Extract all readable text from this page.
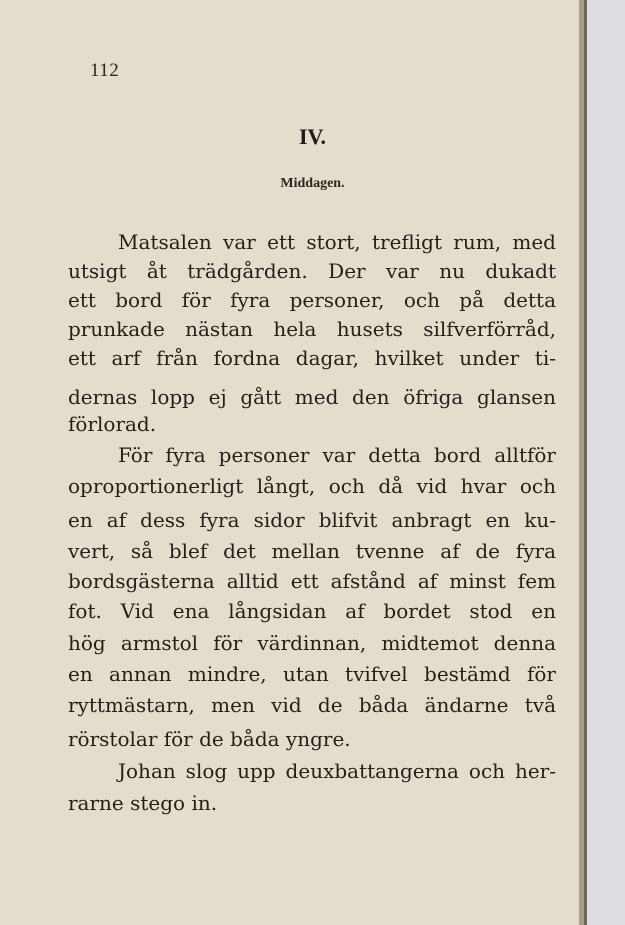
112

IV.

Middagen.

Matsalen var ett stort, trefligt rum, med

utsigt åt trädgården. Der var nu dukadt

ett bord för fyra personer, och på detta

prunkade nästan hela husets silfverförråd,

ett arf från fordna dagar, hvilket under ti-

dernas lopp ej gått med den öfriga glansen

förlorad.

För fyra personer var detta bord alltför

oproportionerligt långt, och då vid hvar och

en af dess fyra sidor blifvit anbragt en ku-

vert, så blef det mellan tvenne af de fyra

bordsgästerna alltid ett afstånd af minst fem

fot. Vid ena långsidan af bordet stod en

hög armstol för värdinnan, midtemot denna

en annan mindre, utan tvifvel bestämd för

ryttmästarn, men vid de båda ändarne två

rörstolar för de båda yngre.

Johan slog upp deuxbattangerna och her-

rarne stego in.
